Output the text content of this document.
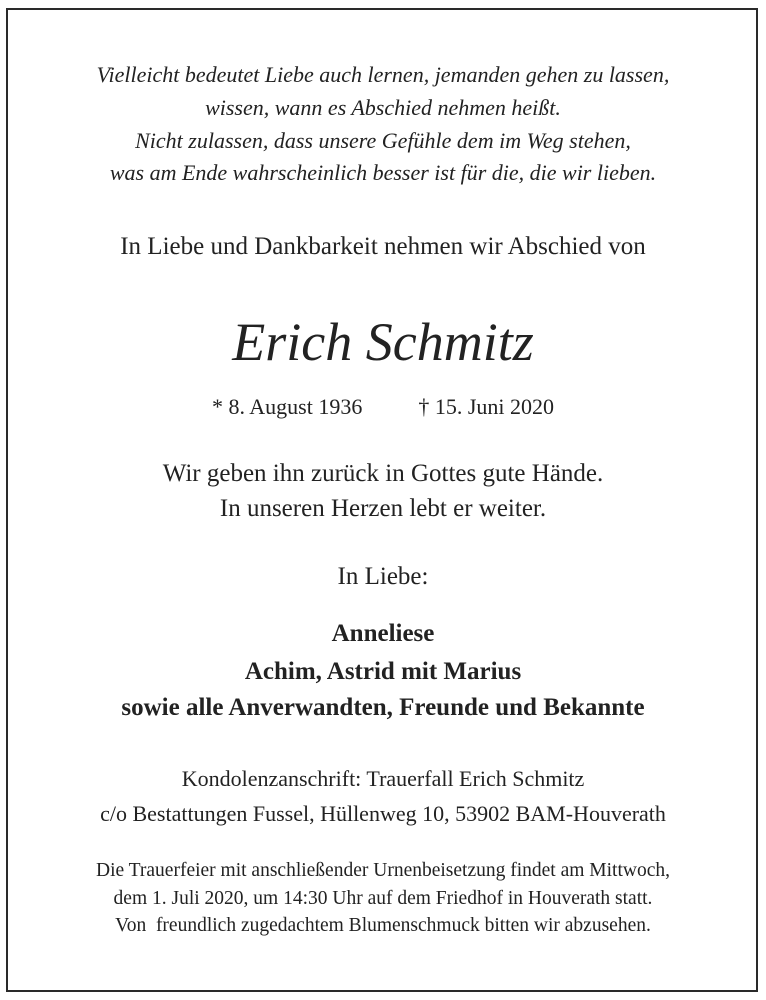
Vielleicht bedeutet Liebe auch lernen, jemanden gehen zu lassen,
wissen, wann es Abschied nehmen heißt.
Nicht zulassen, dass unsere Gefühle dem im Weg stehen,
was am Ende wahrscheinlich besser ist für die, die wir lieben.
In Liebe und Dankbarkeit nehmen wir Abschied von
Erich Schmitz
* 8. August 1936	† 15. Juni 2020
Wir geben ihn zurück in Gottes gute Hände.
In unseren Herzen lebt er weiter.
In Liebe:
Anneliese
Achim, Astrid mit Marius
sowie alle Anverwandten, Freunde und Bekannte
Kondolenzanschrift: Trauerfall Erich Schmitz
c/o Bestattungen Fussel, Hüllenweg 10, 53902 BAM-Houverath
Die Trauerfeier mit anschließender Urnenbeisetzung findet am Mittwoch,
dem 1. Juli 2020, um 14:30 Uhr auf dem Friedhof in Houverath statt.
Von  freundlich zugedachtem Blumenschmuck bitten wir abzusehen.
